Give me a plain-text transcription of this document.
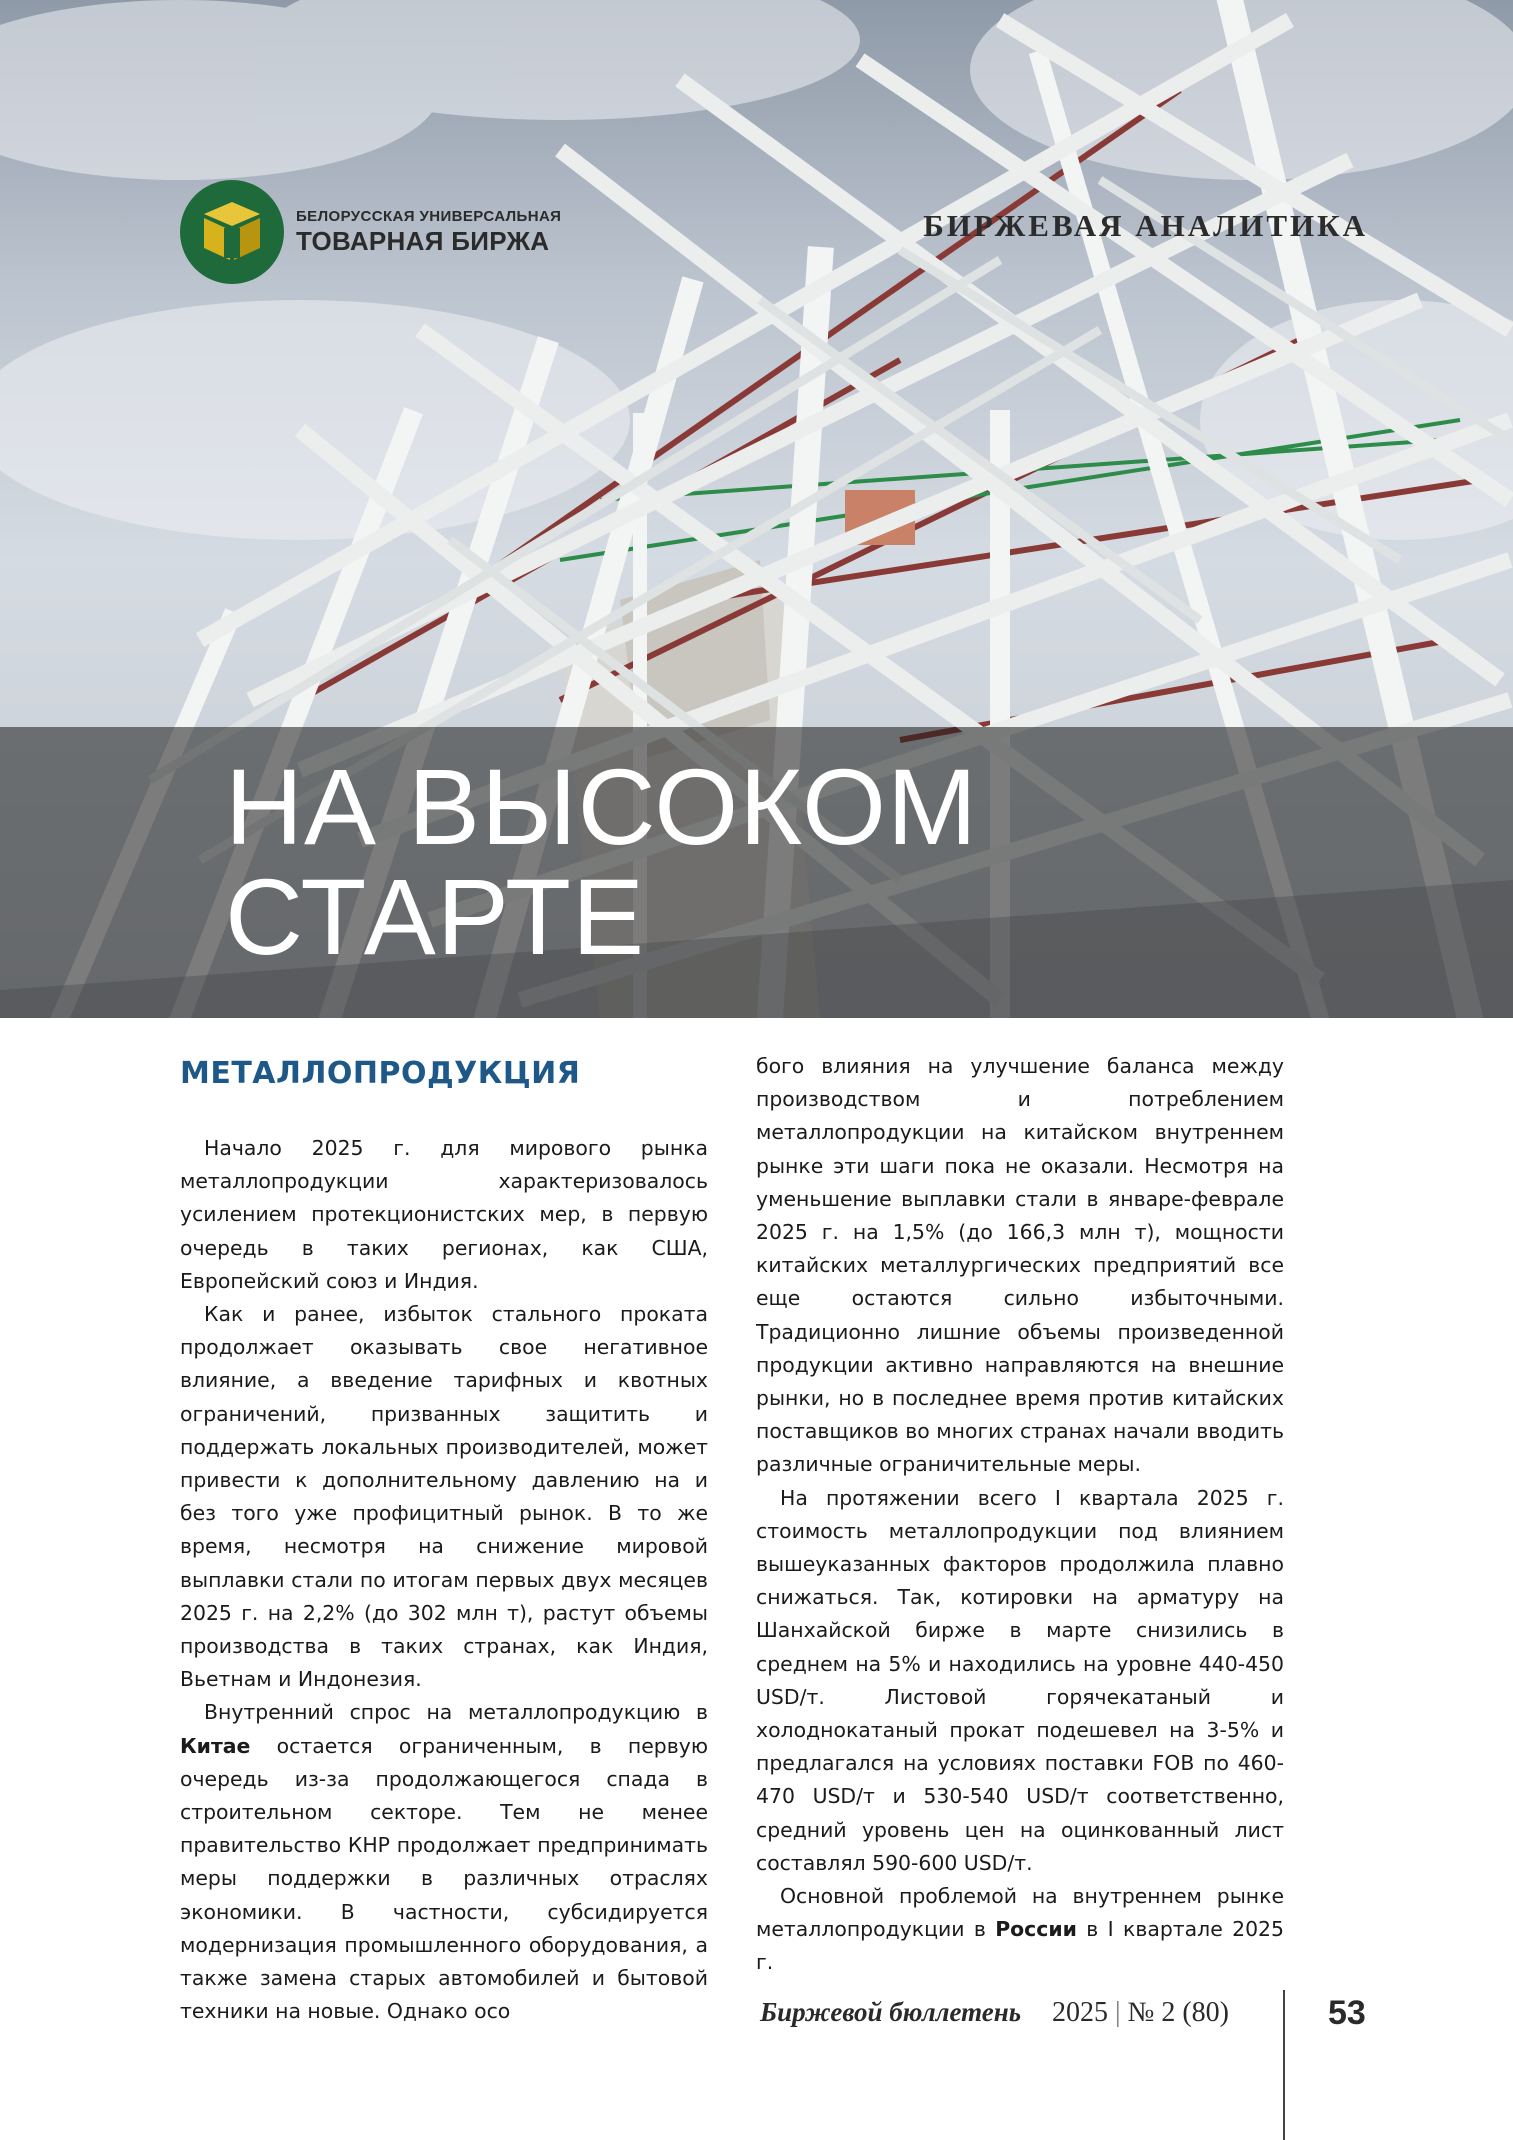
БЕЛОРУССКАЯ УНИВЕРСАЛЬНАЯ
ТОВАРНАЯ БИРЖА	БИРЖЕВАЯ АНАЛИТИКА
НА ВЫСОКОМ
СТАРТЕ
МЕТАЛЛОПРОДУКЦИЯ

Начало 2025 г. для мирового рынка металлопродукции характеризовалось усилением протекционистских мер, в первую очередь в таких регионах, как США, Европейский союз и Индия.

Как и ранее, избыток стального проката продолжает оказывать свое негативное влияние, а введение тарифных и квотных ограничений, призванных защитить и поддержать локальных производителей, может привести к дополнительному давлению на и без того уже профицитный рынок. В то же время, несмотря на снижение мировой выплавки стали по итогам первых двух месяцев 2025 г. на 2,2% (до 302 млн т), растут объемы производства в таких странах, как Индия, Вьетнам и Индонезия.

Внутренний спрос на металлопродукцию в Китае остается ограниченным, в первую очередь из-за продолжающегося спада в строительном секторе. Тем не менее правительство КНР продолжает предпринимать меры поддержки в различных отраслях экономики. В частности, субсидируется модернизация промышленного оборудования, а также замена старых автомобилей и бытовой техники на новые. Однако осо

бого влияния на улучшение баланса между производством и потреблением металлопродукции на китайском внутреннем рынке эти шаги пока не оказали. Несмотря на уменьшение выплавки стали в январе-феврале 2025 г. на 1,5% (до 166,3 млн т), мощности китайских металлургических предприятий все еще остаются сильно избыточными. Традиционно лишние объемы произведенной продукции активно направляются на внешние рынки, но в последнее время против китайских поставщиков во многих странах начали вводить различные ограничительные меры.

На протяжении всего I квартала 2025 г. стоимость металлопродукции под влиянием вышеуказанных факторов продолжила плавно снижаться. Так, котировки на арматуру на Шанхайской бирже в марте снизились в среднем на 5% и находились на уровне 440-450 USD/т. Листовой горячекатаный и холоднокатаный прокат подешевел на 3-5% и предлагался на условиях поставки FOB по 460-470 USD/т и 530-540 USD/т соответственно, средний уровень цен на оцинкованный лист составлял 590-600 USD/т.

Основной проблемой на внутреннем рынке металлопродукции в России в I квартале 2025 г.

Биржевой бюллетень 2025 | № 2 (80)	53
